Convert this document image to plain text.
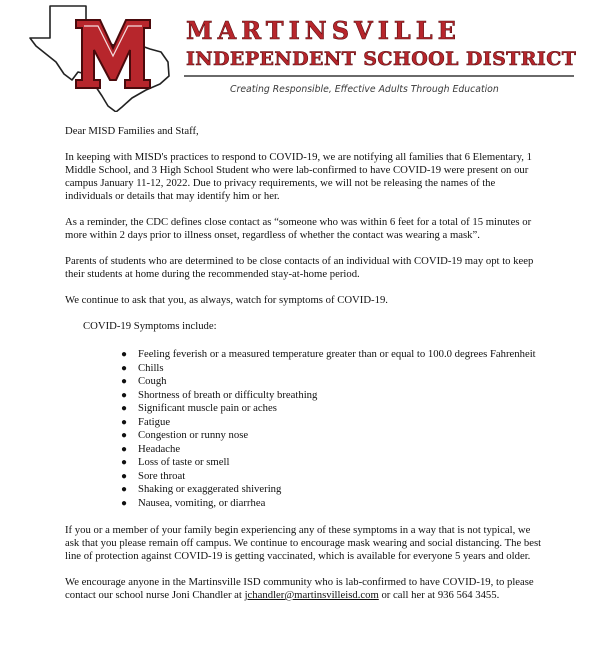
MARTINSVILLE
INDEPENDENT SCHOOL DISTRICT
Creating Responsible, Effective Adults Through Education

Dear MISD Families and Staff,

In keeping with MISD's practices to respond to COVID-19, we are notifying all families that 6 Elementary, 1 Middle School, and 3 High School Student who were lab-confirmed to have COVID-19 were present on our campus January 11-12, 2022. Due to privacy requirements, we will not be releasing the names of the individuals or details that may identify him or her.

As a reminder, the CDC defines close contact as “someone who was within 6 feet for a total of 15 minutes or more within 2 days prior to illness onset, regardless of whether the contact was wearing a mask”.

Parents of students who are determined to be close contacts of an individual with COVID-19 may opt to keep their students at home during the recommended stay-at-home period.

We continue to ask that you, as always, watch for symptoms of COVID-19.

COVID-19 Symptoms include:

● Feeling feverish or a measured temperature greater than or equal to 100.0 degrees Fahrenheit
● Chills
● Cough
● Shortness of breath or difficulty breathing
● Significant muscle pain or aches
● Fatigue
● Congestion or runny nose
● Headache
● Loss of taste or smell
● Sore throat
● Shaking or exaggerated shivering
● Nausea, vomiting, or diarrhea

If you or a member of your family begin experiencing any of these symptoms in a way that is not typical, we ask that you please remain off campus. We continue to encourage mask wearing and social distancing. The best line of protection against COVID-19 is getting vaccinated, which is available for everyone 5 years and older.

We encourage anyone in the Martinsville ISD community who is lab-confirmed to have COVID-19, to please contact our school nurse Joni Chandler at jchandler@martinsvilleisd.com or call her at 936 564 3455.
